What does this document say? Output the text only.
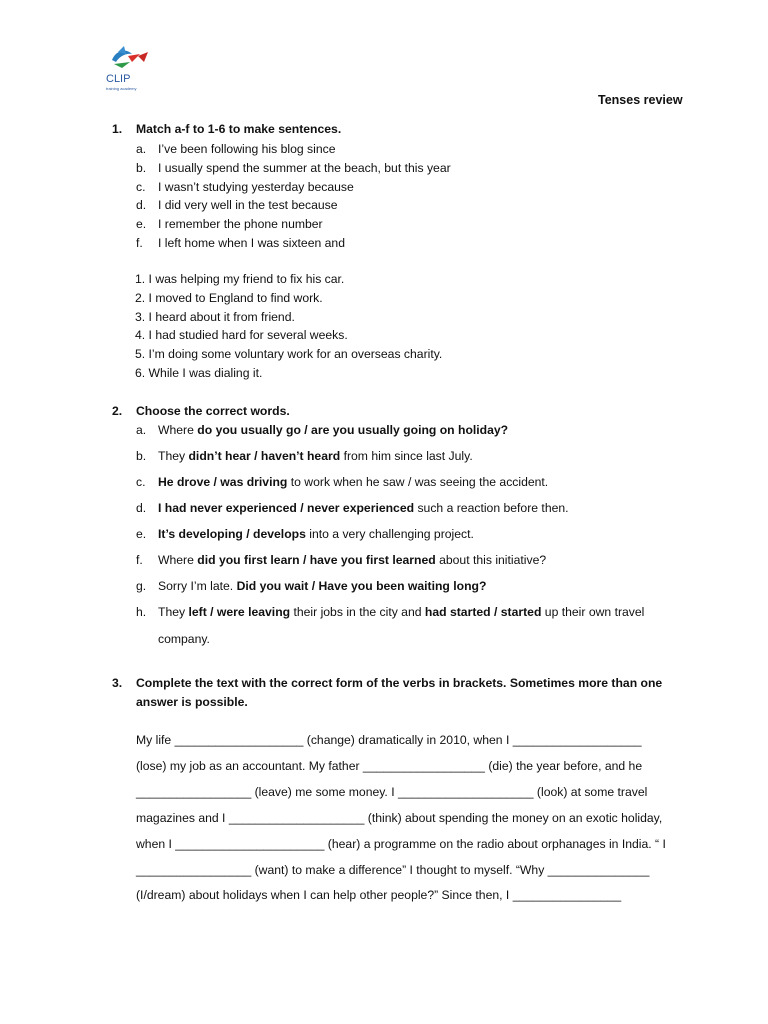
CLIP
training academy
Tenses review
1. Match a-f to 1-6 to make sentences.
a. I’ve been following his blog since
b. I usually spend the summer at the beach, but this year
c. I wasn’t studying yesterday because
d. I did very well in the test because
e. I remember the phone number
f. I left home when I was sixteen and
1. I was helping my friend to fix his car.
2. I moved to England to find work.
3. I heard about it from friend.
4. I had studied hard for several weeks.
5. I’m doing some voluntary work for an overseas charity.
6. While I was dialing it.
2. Choose the correct words.
a. Where do you usually go / are you usually going on holiday?
b. They didn’t hear / haven’t heard from him since last July.
c. He drove / was driving to work when he saw / was seeing the accident.
d. I had never experienced / never experienced such a reaction before then.
e. It’s developing / develops into a very challenging project.
f. Where did you first learn / have you first learned about this initiative?
g. Sorry I’m late. Did you wait / Have you been waiting long?
h. They left / were leaving their jobs in the city and had started / started up their own travel
company.
3. Complete the text with the correct form of the verbs in brackets. Sometimes more than one
answer is possible.
My life ___________________ (change) dramatically in 2010, when I ___________________
(lose) my job as an accountant. My father __________________ (die) the year before, and he
_________________ (leave) me some money. I ____________________ (look) at some travel
magazines and I ____________________ (think) about spending the money on an exotic holiday,
when I ______________________ (hear) a programme on the radio about orphanages in India. “ I
_________________ (want) to make a difference” I thought to myself. “Why _______________
(I/dream) about holidays when I can help other people?” Since then, I ________________
